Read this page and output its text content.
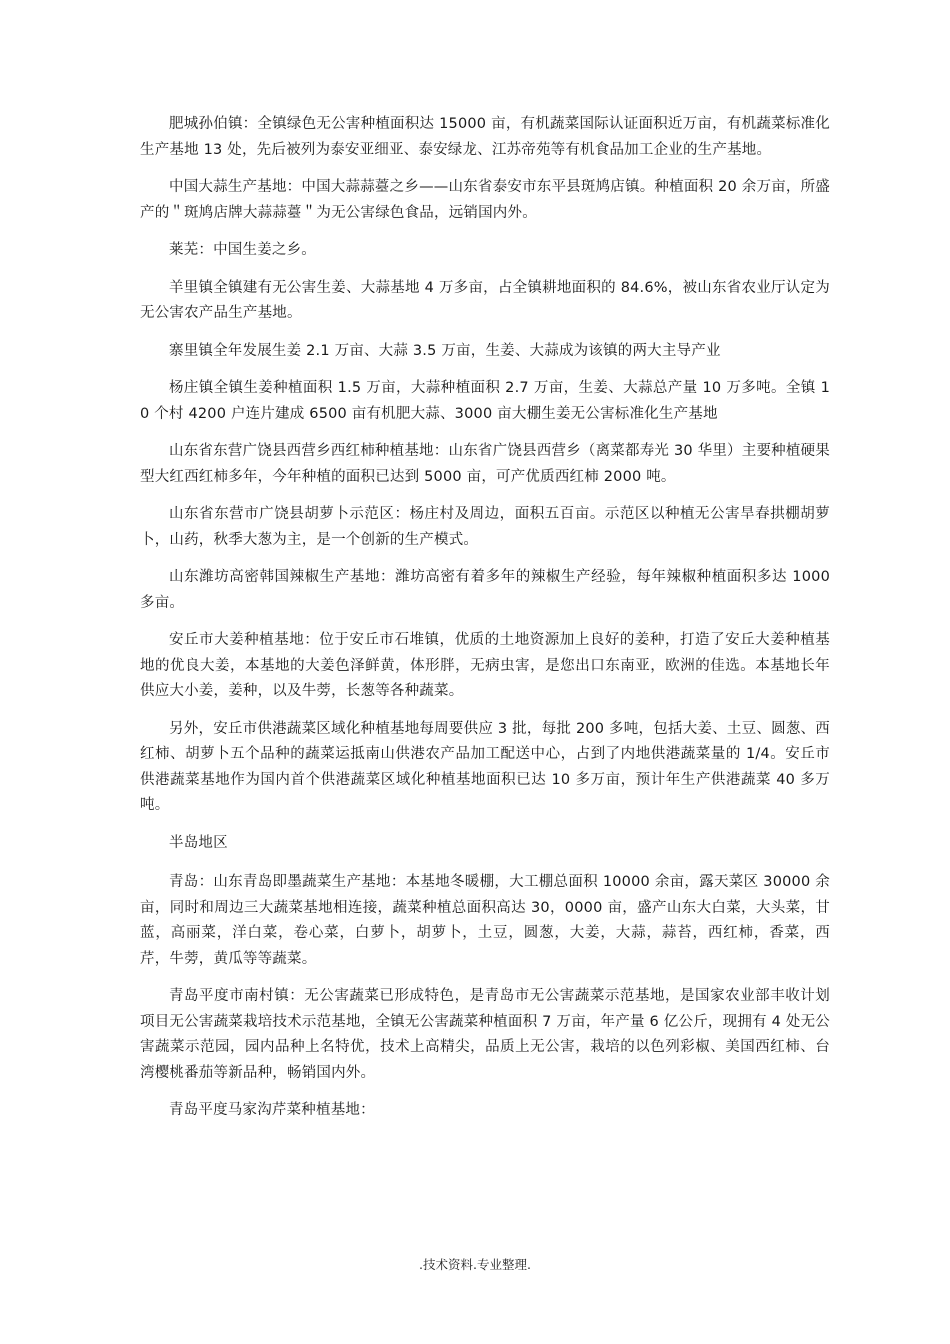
肥城孙伯镇：全镇绿色无公害种植面积达 15000 亩，有机蔬菜国际认证面积近万亩，有机蔬菜标准化生产基地 13 处，先后被列为泰安亚细亚、泰安绿龙、江苏帝苑等有机食品加工企业的生产基地。

中国大蒜生产基地：中国大蒜蒜薹之乡——山东省泰安市东平县斑鸠店镇。种植面积 20 余万亩，所盛产的＂斑鸠店牌大蒜蒜薹＂为无公害绿色食品，远销国内外。

莱芜：中国生姜之乡。

羊里镇全镇建有无公害生姜、大蒜基地 4 万多亩，占全镇耕地面积的 84.6%，被山东省农业厅认定为无公害农产品生产基地。

寨里镇全年发展生姜 2.1 万亩、大蒜 3.5 万亩，生姜、大蒜成为该镇的两大主导产业

杨庄镇全镇生姜种植面积 1.5 万亩，大蒜种植面积 2.7 万亩，生姜、大蒜总产量 10 万多吨。全镇 10 个村 4200 户连片建成 6500 亩有机肥大蒜、3000 亩大棚生姜无公害标准化生产基地

山东省东营广饶县西营乡西红柿种植基地：山东省广饶县西营乡（离菜都寿光 30 华里）主要种植硬果型大红西红柿多年，今年种植的面积已达到 5000 亩，可产优质西红柿 2000 吨。

山东省东营市广饶县胡萝卜示范区：杨庄村及周边，面积五百亩。示范区以种植无公害旱春拱棚胡萝卜，山药，秋季大葱为主，是一个创新的生产模式。

山东潍坊高密韩国辣椒生产基地：潍坊高密有着多年的辣椒生产经验，每年辣椒种植面积多达 1000 多亩。

安丘市大姜种植基地：位于安丘市石堆镇，优质的土地资源加上良好的姜种，打造了安丘大姜种植基地的优良大姜，本基地的大姜色泽鲜黄，体形胖，无病虫害，是您出口东南亚，欧洲的佳选。本基地长年供应大小姜，姜种，以及牛蒡，长葱等各种蔬菜。

另外，安丘市供港蔬菜区域化种植基地每周要供应 3 批，每批 200 多吨，包括大姜、土豆、圆葱、西红柿、胡萝卜五个品种的蔬菜运抵南山供港农产品加工配送中心，占到了内地供港蔬菜量的 1/4。安丘市供港蔬菜基地作为国内首个供港蔬菜区域化种植基地面积已达 10 多万亩，预计年生产供港蔬菜 40 多万吨。

半岛地区

青岛：山东青岛即墨蔬菜生产基地：本基地冬暖棚，大工棚总面积 10000 余亩，露天菜区 30000 余亩，同时和周边三大蔬菜基地相连接，蔬菜种植总面积高达 30，0000 亩，盛产山东大白菜，大头菜，甘蓝，高丽菜，洋白菜，卷心菜，白萝卜，胡萝卜，土豆，圆葱，大姜，大蒜，蒜苔，西红柿，香菜，西芹，牛蒡，黄瓜等等蔬菜。

青岛平度市南村镇：无公害蔬菜已形成特色，是青岛市无公害蔬菜示范基地，是国家农业部丰收计划项目无公害蔬菜栽培技术示范基地，全镇无公害蔬菜种植面积 7 万亩，年产量 6 亿公斤，现拥有 4 处无公害蔬菜示范园，园内品种上名特优，技术上高精尖，品质上无公害，栽培的以色列彩椒、美国西红柿、台湾樱桃番茄等新品种，畅销国内外。

青岛平度马家沟芹菜种植基地：

.技术资料.专业整理.
